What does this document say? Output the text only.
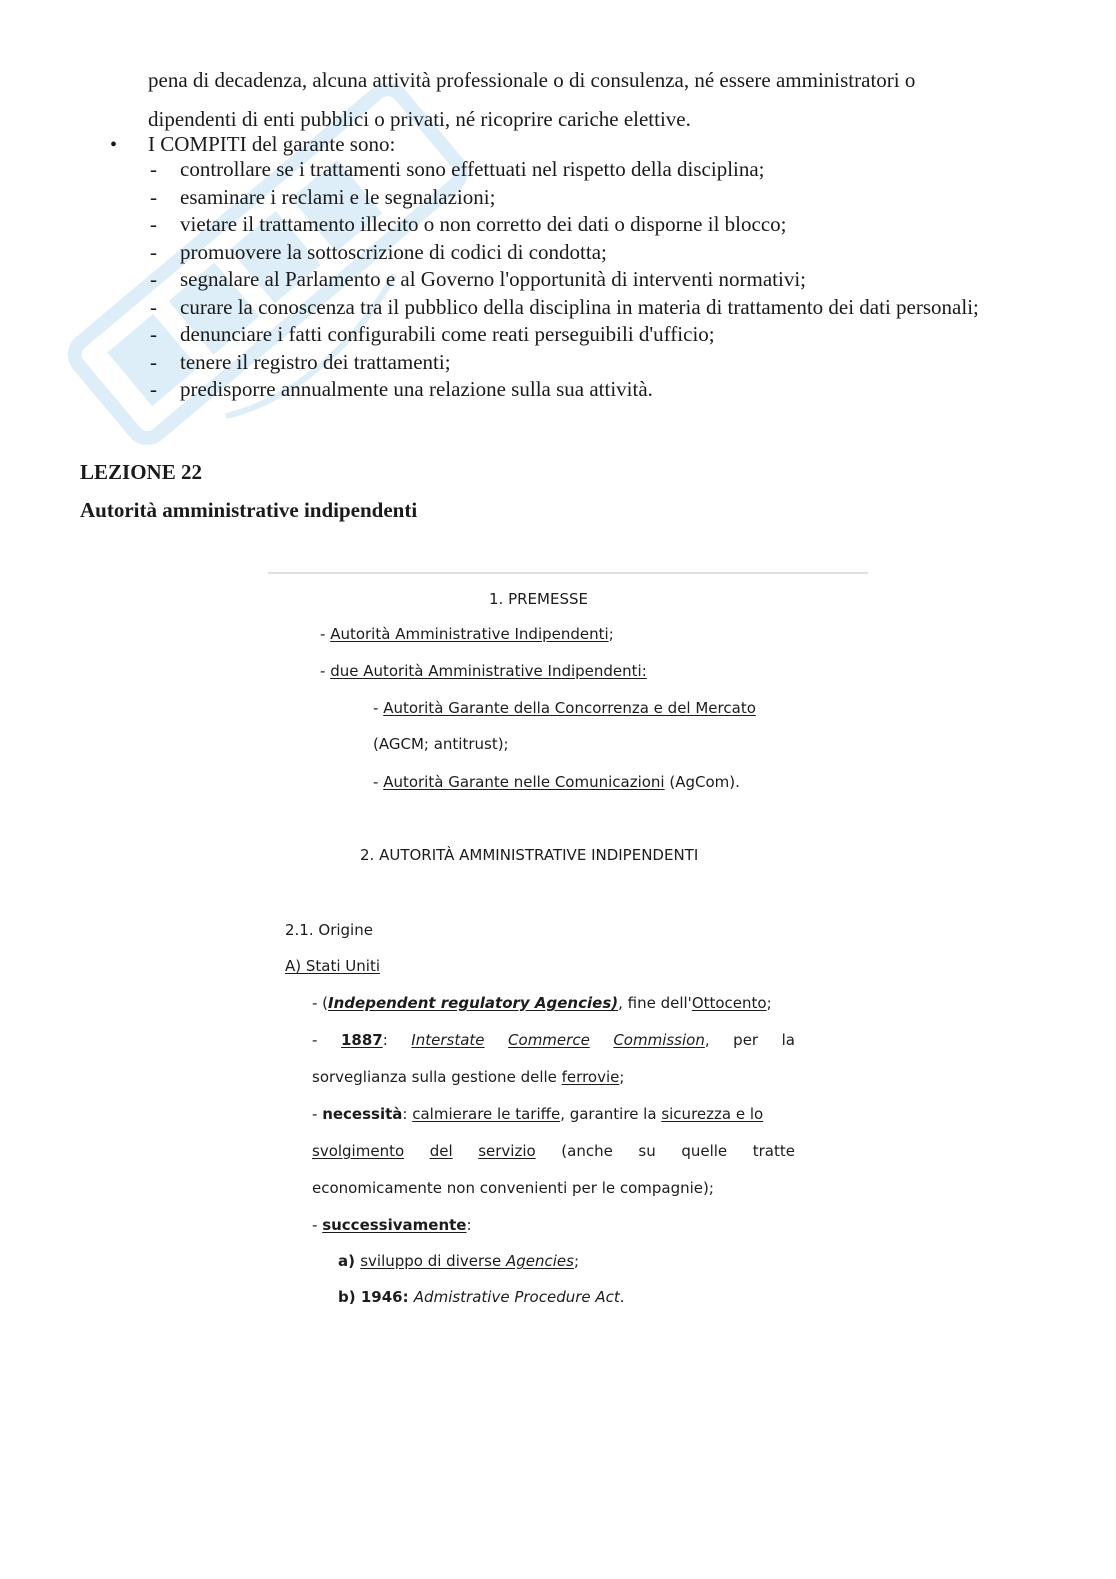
pena di decadenza, alcuna attività professionale o di consulenza, né essere amministratori o
dipendenti di enti pubblici o privati, né ricoprire cariche elettive.
• I COMPITI del garante sono:
- controllare se i trattamenti sono effettuati nel rispetto della disciplina;
- esaminare i reclami e le segnalazioni;
- vietare il trattamento illecito o non corretto dei dati o disporne il blocco;
- promuovere la sottoscrizione di codici di condotta;
- segnalare al Parlamento e al Governo l'opportunità di interventi normativi;
- curare la conoscenza tra il pubblico della disciplina in materia di trattamento dei dati personali;
- denunciare i fatti configurabili come reati perseguibili d'ufficio;
- tenere il registro dei trattamenti;
- predisporre annualmente una relazione sulla sua attività.
LEZIONE 22
Autorità amministrative indipendenti
1. PREMESSE
- Autorità Amministrative Indipendenti;
- due Autorità Amministrative Indipendenti:
- Autorità Garante della Concorrenza e del Mercato
(AGCM; antitrust);
- Autorità Garante nelle Comunicazioni (AgCom).
2. AUTORITÀ AMMINISTRATIVE INDIPENDENTI
2.1. Origine
A) Stati Uniti
- (Independent regulatory Agencies), fine dell'Ottocento;
- 1887: Interstate Commerce Commission, per la
sorveglianza sulla gestione delle ferrovie;
- necessità: calmierare le tariffe, garantire la sicurezza e lo
svolgimento del servizio (anche su quelle tratte
economicamente non convenienti per le compagnie);
- successivamente:
a) sviluppo di diverse Agencies;
b) 1946: Admistrative Procedure Act.
